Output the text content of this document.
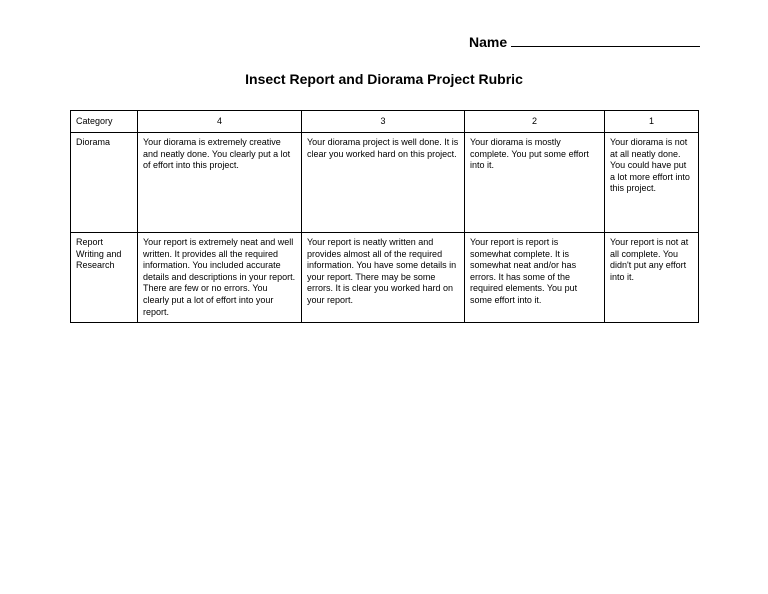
Name
Insect Report and Diorama Project Rubric
Category	4	3	2	1
Diorama	Your diorama is extremely creative and neatly done. You clearly put a lot of effort into this project.	Your diorama project is well done. It is clear you worked hard on this project.	Your diorama is mostly complete. You put some effort into it.	Your diorama is not at all neatly done. You could have put a lot more effort into this project.
Report Writing and Research	Your report is extremely neat and well written. It provides all the required information. You included accurate details and descriptions in your report. There are few or no errors. You clearly put a lot of effort into your report.	Your report is neatly written and provides almost all of the required information. You have some details in your report. There may be some errors. It is clear you worked hard on your report.	Your report is report is somewhat complete. It is somewhat neat and/or has errors. It has some of the required elements. You put some effort into it.	Your report is not at all complete. You didn't put any effort into it.
